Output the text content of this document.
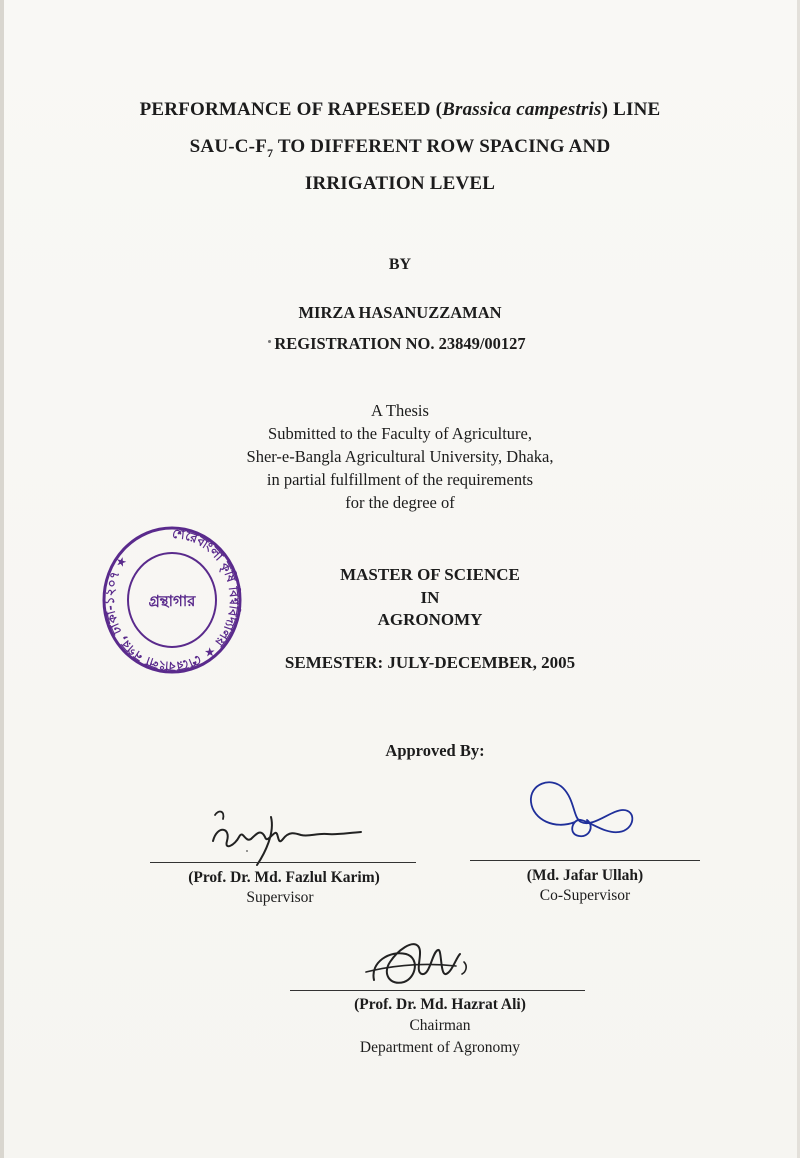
PERFORMANCE OF RAPESEED (Brassica campestris) LINE
SAU-$C-F_7$ TO DIFFERENT ROW SPACING AND
IRRIGATION LEVEL
BY
MIRZA HASANUZZAMAN
REGISTRATION NO. 23849/00127
A Thesis
Submitted to the Faculty of Agriculture,
Sher-e-Bangla Agricultural University, Dhaka,
in partial fulfillment of the requirements
for the degree of
MASTER OF SCIENCE
IN
AGRONOMY
SEMESTER: JULY-DECEMBER, 2005
Approved By:
শেরেবাংলা কৃষি বিশ্ববিদ্যালয় ★ শেরেবাংলা নগর, ঢাকা-১২০৭ ★
গ্রন্থাগার
(Prof. Dr. Md. Fazlul Karim)
Supervisor
(Md. Jafar Ullah)
Co-Supervisor
(Prof. Dr. Md. Hazrat Ali)
Chairman
Department of Agronomy
